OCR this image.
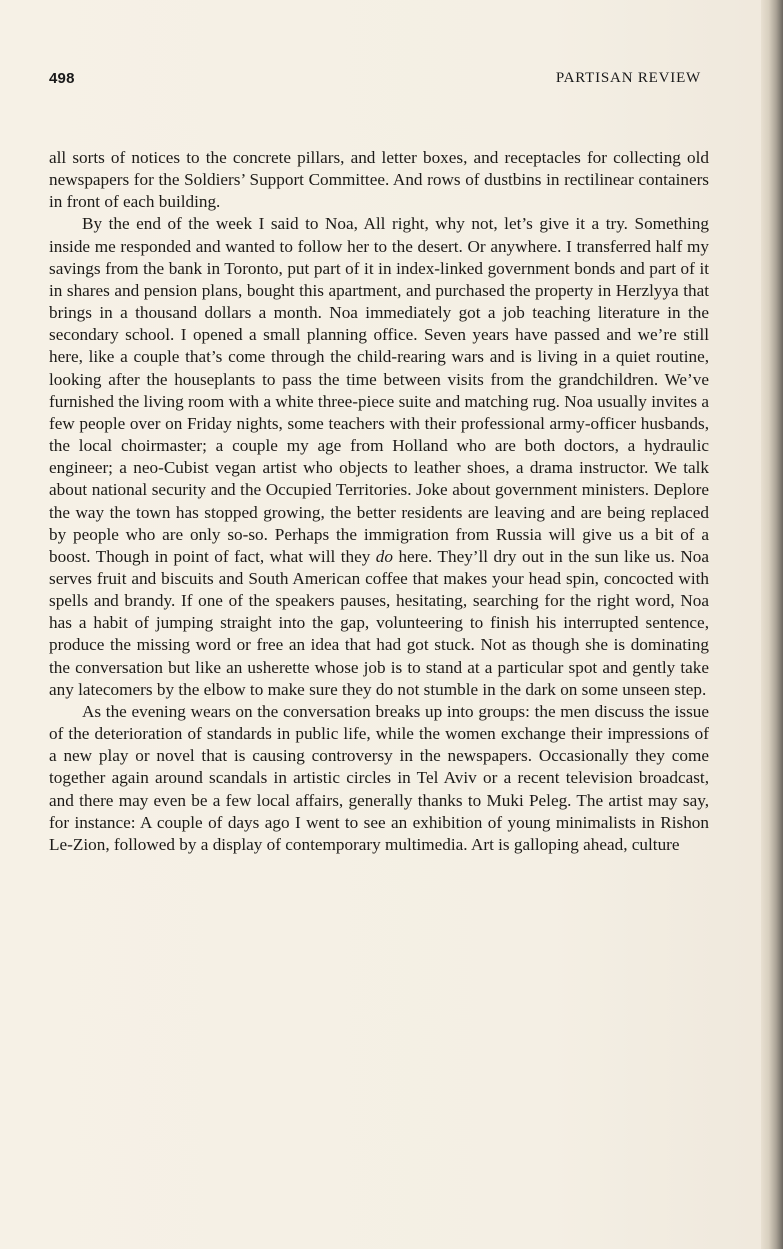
498	PARTISAN REVIEW

all sorts of notices to the concrete pillars, and letter boxes, and receptacles for collecting old newspapers for the Soldiers’ Support Committee. And rows of dustbins in rectilinear containers in front of each building.

By the end of the week I said to Noa, All right, why not, let’s give it a try. Something inside me responded and wanted to follow her to the desert. Or anywhere. I transferred half my savings from the bank in Toronto, put part of it in index-linked government bonds and part of it in shares and pension plans, bought this apartment, and purchased the property in Herzlyya that brings in a thousand dollars a month. Noa immediately got a job teaching literature in the secondary school. I opened a small planning office. Seven years have passed and we’re still here, like a couple that’s come through the child-rearing wars and is living in a quiet routine, looking after the houseplants to pass the time between visits from the grandchildren. We’ve furnished the living room with a white three-piece suite and matching rug. Noa usually invites a few people over on Friday nights, some teachers with their professional army-officer husbands, the local choirmaster; a couple my age from Holland who are both doctors, a hydraulic engineer; a neo-Cubist vegan artist who objects to leather shoes, a drama instructor. We talk about national security and the Occupied Territories. Joke about government ministers. Deplore the way the town has stopped growing, the better residents are leaving and are being replaced by people who are only so-so. Perhaps the immigration from Russia will give us a bit of a boost. Though in point of fact, what will they do here. They’ll dry out in the sun like us. Noa serves fruit and biscuits and South American coffee that makes your head spin, concocted with spells and brandy. If one of the speakers pauses, hesitating, searching for the right word, Noa has a habit of jumping straight into the gap, volunteering to finish his interrupted sentence, produce the missing word or free an idea that had got stuck. Not as though she is dominating the conversation but like an usherette whose job is to stand at a particular spot and gently take any latecomers by the elbow to make sure they do not stumble in the dark on some unseen step.

As the evening wears on the conversation breaks up into groups: the men discuss the issue of the deterioration of standards in public life, while the women exchange their impressions of a new play or novel that is causing controversy in the newspapers. Occasionally they come together again around scandals in artistic circles in Tel Aviv or a recent television broadcast, and there may even be a few local affairs, generally thanks to Muki Peleg. The artist may say, for instance: A couple of days ago I went to see an exhibition of young minimalists in Rishon Le-Zion, followed by a display of contemporary multimedia. Art is galloping ahead, culture
